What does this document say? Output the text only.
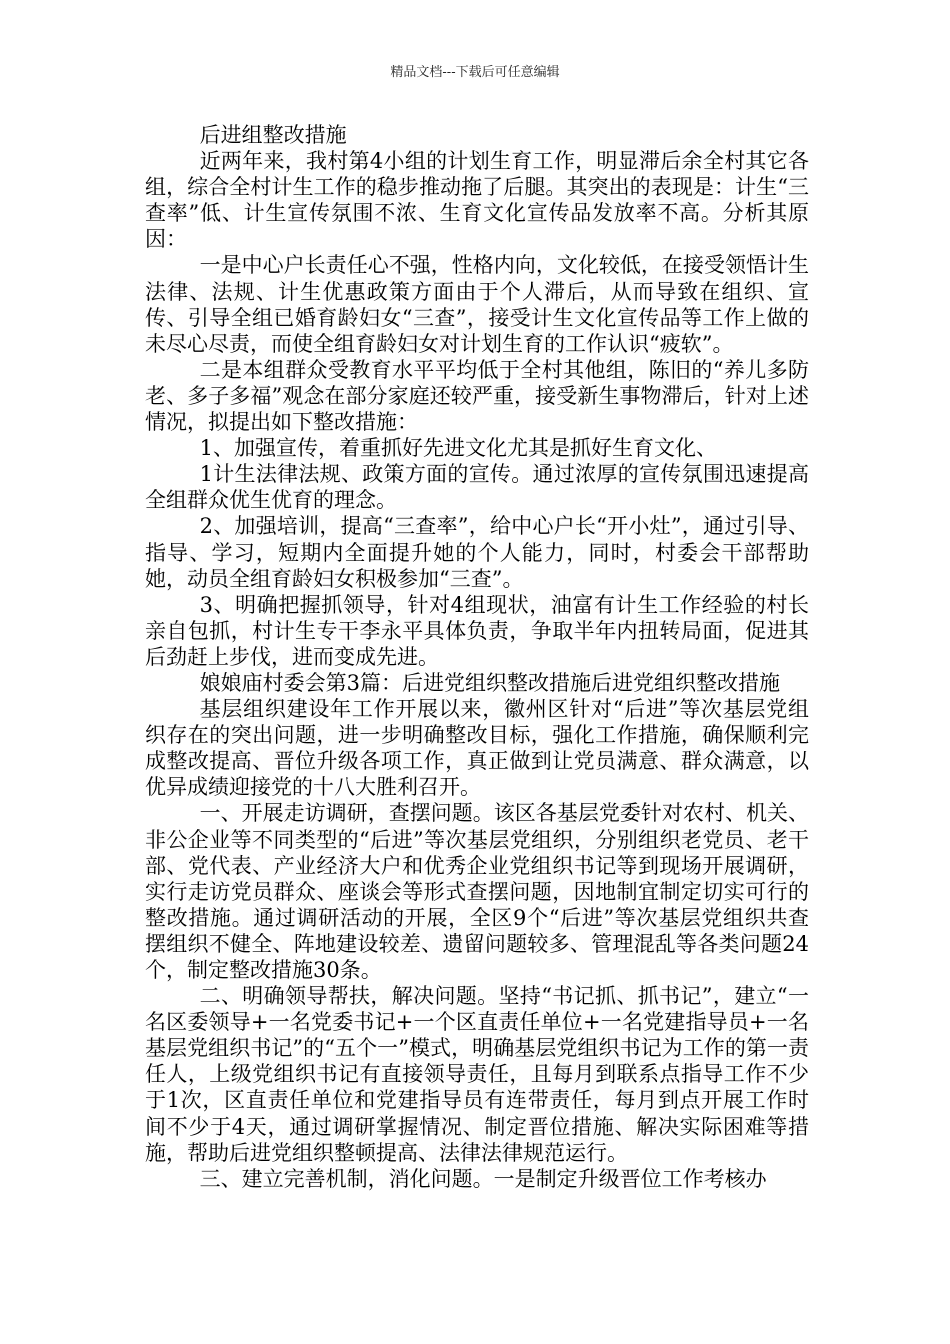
精品文档---下载后可任意编辑

后进组整改措施

近两年来，我村第4小组的计划生育工作，明显滞后余全村其它各组，综合全村计生工作的稳步推动拖了后腿。其突出的表现是：计生“三查率”低、计生宣传氛围不浓、生育文化宣传品发放率不高。分析其原因：

一是中心户长责任心不强，性格内向，文化较低，在接受领悟计生法律、法规、计生优惠政策方面由于个人滞后，从而导致在组织、宣传、引导全组已婚育龄妇女“三查”，接受计生文化宣传品等工作上做的未尽心尽责，而使全组育龄妇女对计划生育的工作认识“疲软”。

二是本组群众受教育水平平均低于全村其他组，陈旧的“养儿多防老、多子多福”观念在部分家庭还较严重，接受新生事物滞后，针对上述情况，拟提出如下整改措施：

1、加强宣传，着重抓好先进文化尤其是抓好生育文化、

1计生法律法规、政策方面的宣传。通过浓厚的宣传氛围迅速提高全组群众优生优育的理念。

2、加强培训，提高“三查率”，给中心户长“开小灶”，通过引导、指导、学习，短期内全面提升她的个人能力，同时，村委会干部帮助她，动员全组育龄妇女积极参加“三查”。

3、明确把握抓领导，针对4组现状，油富有计生工作经验的村长亲自包抓，村计生专干李永平具体负责，争取半年内扭转局面，促进其后劲赶上步伐，进而变成先进。

娘娘庙村委会第3篇：后进党组织整改措施后进党组织整改措施

基层组织建设年工作开展以来，徽州区针对“后进”等次基层党组织存在的突出问题，进一步明确整改目标，强化工作措施，确保顺利完成整改提高、晋位升级各项工作，真正做到让党员满意、群众满意，以优异成绩迎接党的十八大胜利召开。

一、开展走访调研，查摆问题。该区各基层党委针对农村、机关、非公企业等不同类型的“后进”等次基层党组织，分别组织老党员、老干部、党代表、产业经济大户和优秀企业党组织书记等到现场开展调研，实行走访党员群众、座谈会等形式查摆问题，因地制宜制定切实可行的整改措施。通过调研活动的开展，全区9个“后进”等次基层党组织共查摆组织不健全、阵地建设较差、遗留问题较多、管理混乱等各类问题24个，制定整改措施30条。

二、明确领导帮扶，解决问题。坚持“书记抓、抓书记”，建立“一名区委领导+一名党委书记+一个区直责任单位+一名党建指导员+一名基层党组织书记”的“五个一”模式，明确基层党组织书记为工作的第一责任人，上级党组织书记有直接领导责任，且每月到联系点指导工作不少于1次，区直责任单位和党建指导员有连带责任，每月到点开展工作时间不少于4天，通过调研掌握情况、制定晋位措施、解决实际困难等措施，帮助后进党组织整顿提高、法律法律规范运行。

三、建立完善机制，消化问题。一是制定升级晋位工作考核办
